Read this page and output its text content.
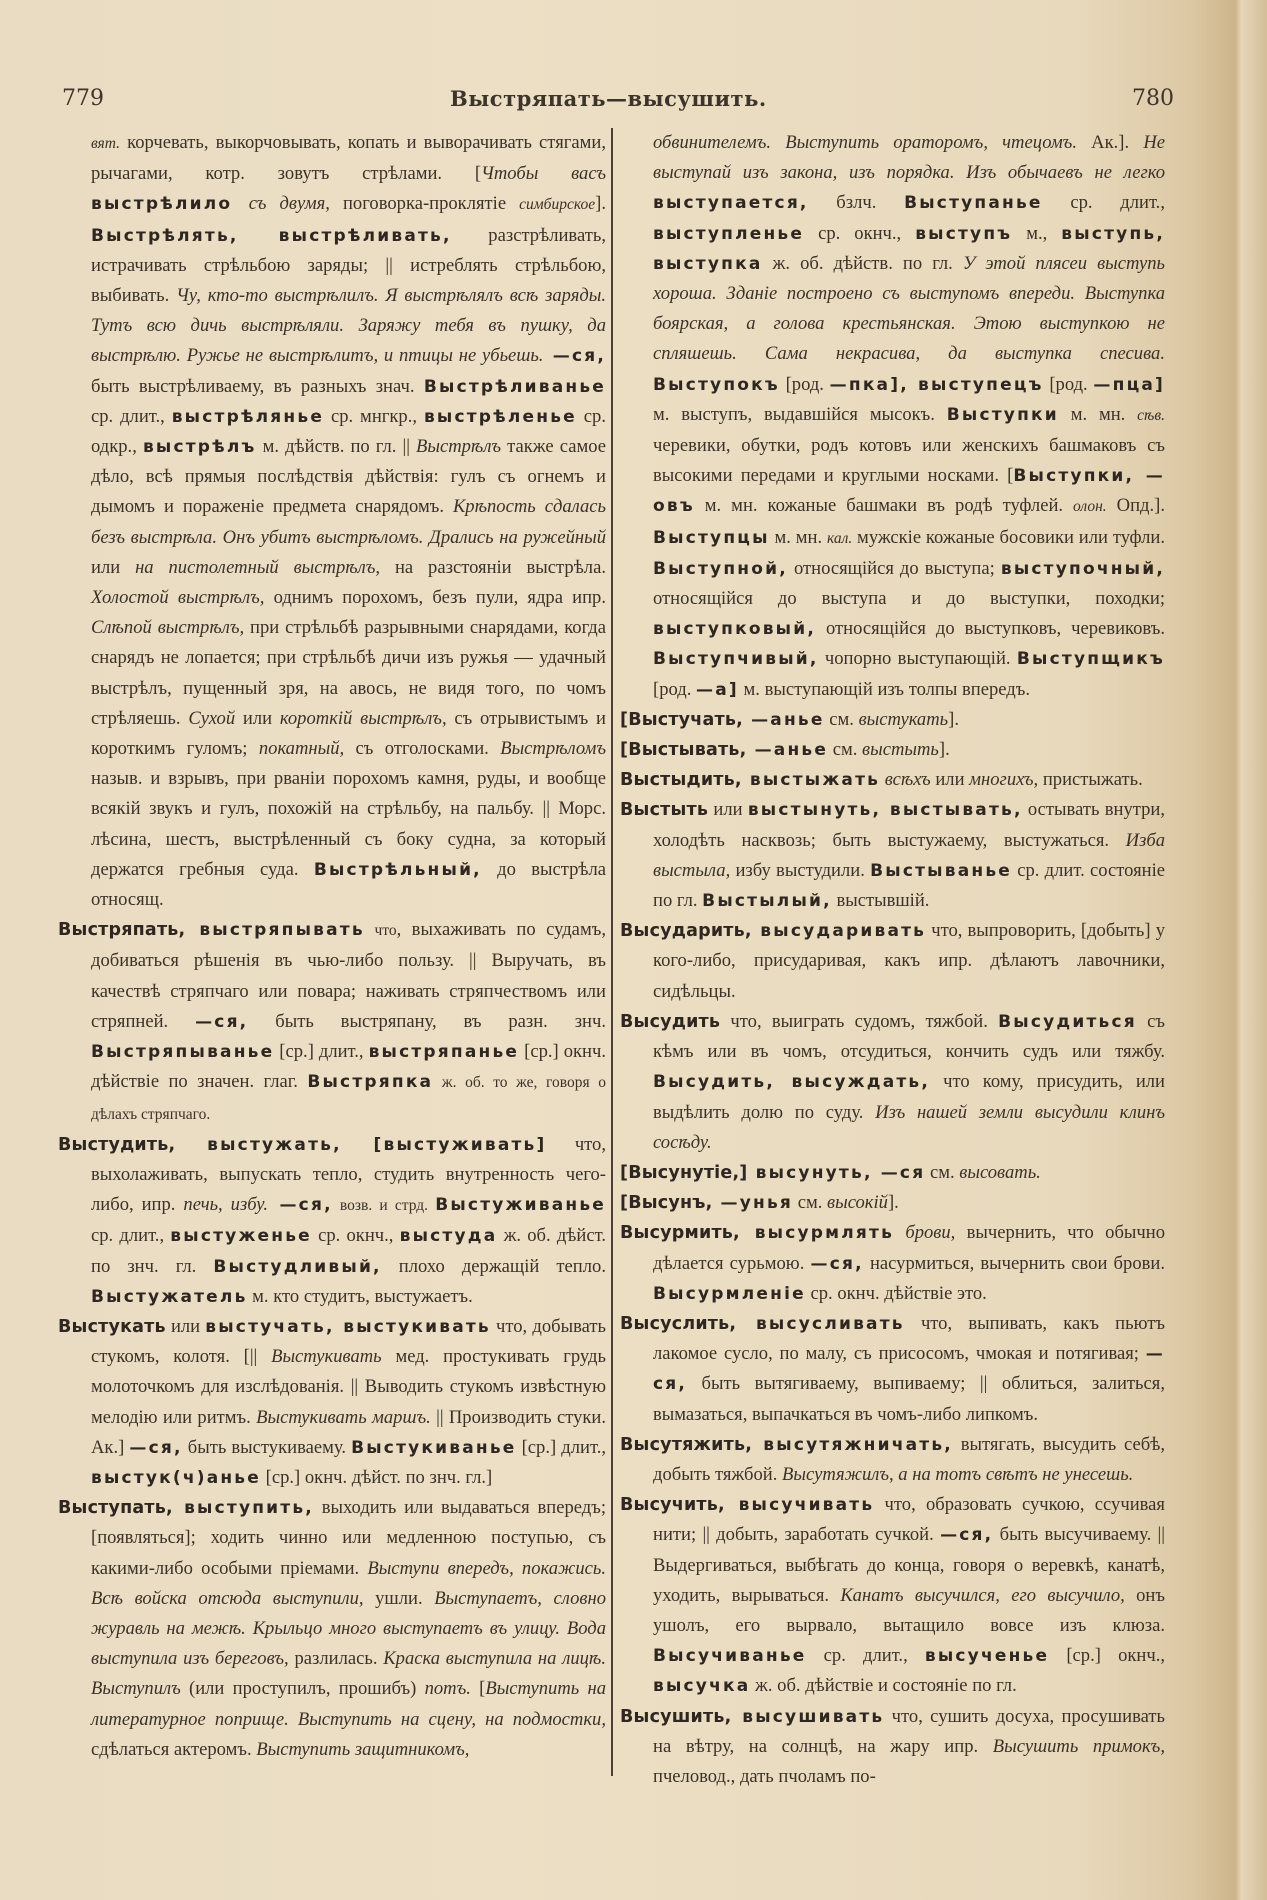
779	Выстряпать—высушить.	780

вят. корчевать, выкорчовывать, копать и выворачивать стягами, рычагами, котр. зовутъ стрѣлами. [Чтобы васъ выстрѣлило съ двумя, поговорка-проклятіе симбирское]. Выстрѣлять, выстрѣливать, разстрѣливать, истрачивать стрѣльбою заряды; || истреблять стрѣльбою, выбивать. Чу, кто-то выстрѣлилъ. Я выстрѣлялъ всѣ заряды. Тутъ всю дичь выстрѣляли. Заряжу тебя въ пушку, да выстрѣлю. Ружье не выстрѣлитъ, и птицы не убьешь. —ся, быть выстрѣливаему, въ разныхъ знач. Выстрѣливанье ср. длит., выстрѣлянье ср. мнгкр., выстрѣленье ср. одкр., выстрѣлъ м. дѣйств. по гл. || Выстрѣлъ также самое дѣло, всѣ прямыя послѣдствія дѣйствія: гулъ съ огнемъ и дымомъ и пораженіе предмета снарядомъ. Крѣпость сдалась безъ выстрѣла. Онъ убитъ выстрѣломъ. Дрались на ружейный или на пистолетный выстрѣлъ, на разстояніи выстрѣла. Холостой выстрѣлъ, однимъ порохомъ, безъ пули, ядра ипр. Слѣпой выстрѣлъ, при стрѣльбѣ разрывными снарядами, когда снарядъ не лопается; при стрѣльбѣ дичи изъ ружья — удачный выстрѣлъ, пущенный зря, на авось, не видя того, по чомъ стрѣляешь. Сухой или короткій выстрѣлъ, съ отрывистымъ и короткимъ гуломъ; покатный, съ отголосками. Выстрѣломъ назыв. и взрывъ, при рваніи порохомъ камня, руды, и вообще всякій звукъ и гулъ, похожій на стрѣльбу, на пальбу. || Морс. лѣсина, шестъ, выстрѣленный съ боку судна, за который держатся гребныя суда. Выстрѣльный, до выстрѣла относящ.

Выстряпать, выстряпывать что, выхаживать по судамъ, добиваться рѣшенія въ чью-либо пользу. || Выручать, въ качествѣ стряпчаго или повара; наживать стряпчествомъ или стряпней. —ся, быть выстряпану, въ разн. знч. Выстряпыванье [ср.] длит., выстряпанье [ср.] окнч. дѣйствіе по значен. глаг. Выстряпка ж. об. то же, говоря о дѣлахъ стряпчаго.

Выстудить, выстужать, [выстуживать] что, выхолаживать, выпускать тепло, студить внутренность чего-либо, ипр. печь, избу. —ся, возв. и стрд. Выстуживанье ср. длит., выстуженье ср. окнч., выстуда ж. об. дѣйст. по знч. гл. Выстудливый, плохо держащій тепло. Выстужатель м. кто студитъ, выстужаетъ.

Выстукать или выстучать, выстукивать что, добывать стукомъ, колотя. [|| Выстукивать мед. простукивать грудь молоточкомъ для изслѣдованія. || Выводить стукомъ извѣстную мелодію или ритмъ. Выстукивать маршъ. || Производить стуки. Ак.] —ся, быть выстукиваему. Выстукиванье [ср.] длит., выстук(ч)анье [ср.] окнч. дѣйст. по знч. гл.]

Выступать, выступить, выходить или выдаваться впередъ; [появляться]; ходить чинно или медленною поступью, съ какими-либо особыми пріемами. Выступи впередъ, покажись. Всѣ войска отсюда выступили, ушли. Выступаетъ, словно журавль на межѣ. Крыльцо много выступаетъ въ улицу. Вода выступила изъ береговъ, разлилась. Краска выступила на лицѣ. Выступилъ (или проступилъ, прошибъ) потъ. [Выступить на литературное поприще. Выступить на сцену, на подмостки, сдѣлаться актеромъ. Выступить защитникомъ,

обвинителемъ. Выступить ораторомъ, чтецомъ. Ак.]. Не выступай изъ закона, изъ порядка. Изъ обычаевъ не легко выступается, бзлч. Выступанье ср. длит., выступленье ср. окнч., выступъ м., выступь, выступка ж. об. дѣйств. по гл. У этой плясеи выступь хороша. Зданіе построено съ выступомъ впереди. Выступка боярская, а голова крестьянская. Этою выступкою не спляшешь. Сама некрасива, да выступка спесива. Выступокъ [род. —пка], выступецъ [род. —пца] м. выступъ, выдавшійся мысокъ. Выступки м. мн. сѣв. черевики, обутки, родъ котовъ или женскихъ башмаковъ съ высокими передами и круглыми носками. [Выступки, —овъ м. мн. кожаные башмаки въ родѣ туфлей. олон. Опд.]. Выступцы м. мн. кал. мужскіе кожаные босовики или туфли. Выступной, относящійся до выступа; выступочный, относящійся до выступа и до выступки, походки; выступковый, относящійся до выступковъ, черевиковъ. Выступчивый, чопорно выступающій. Выступщикъ [род. —а] м. выступающій изъ толпы впередъ.

[Выстучать, —анье см. выстукать].

[Выстывать, —анье см. выстыть].

Выстыдить, выстыжать всѣхъ или многихъ, пристыжать.

Выстыть или выстынуть, выстывать, остывать внутри, холодѣть насквозь; быть выстужаему, выстужаться. Изба выстыла, избу выстудили. Выстыванье ср. длит. состояніе по гл. Выстылый, выстывшій.

Высударить, высударивать что, выпроворить, [добыть] у кого-либо, присударивая, какъ ипр. дѣлаютъ лавочники, сидѣльцы.

Высудить что, выиграть судомъ, тяжбой. Высудиться съ кѣмъ или въ чомъ, отсудиться, кончить судъ или тяжбу. Высудить, высуждать, что кому, присудить, или выдѣлить долю по суду. Изъ нашей земли высудили клинъ сосѣду.

[Высунутіе,] высунуть, —ся см. высовать.

[Высунъ, —унья см. высокій].

Высурмить, высурмлять брови, вычернить, что обычно дѣлается сурьмою. —ся, насурмиться, вычернить свои брови. Высурмленіе ср. окнч. дѣйствіе это.

Высуслить, высусливать что, выпивать, какъ пьютъ лакомое сусло, по малу, съ присосомъ, чмокая и потягивая; —ся, быть вытягиваему, выпиваему; || облиться, залиться, вымазаться, выпачкаться въ чомъ-либо липкомъ.

Высутяжить, высутяжничать, вытягать, высудить себѣ, добыть тяжбой. Высутяжилъ, а на тотъ свѣтъ не унесешь.

Высучить, высучивать что, образовать сучкою, ссучивая нити; || добыть, заработать сучкой. —ся, быть высучиваему. || Выдергиваться, выбѣгать до конца, говоря о веревкѣ, канатѣ, уходить, вырываться. Канатъ высучился, его высучило, онъ ушолъ, его вырвало, вытащило вовсе изъ клюза. Высучиванье ср. длит., высученье [ср.] окнч., высучка ж. об. дѣйствіе и состояніе по гл.

Высушить, высушивать что, сушить досуха, просушивать на вѣтру, на солнцѣ, на жару ипр. Высушить примокъ, пчеловод., дать пчоламъ по-
